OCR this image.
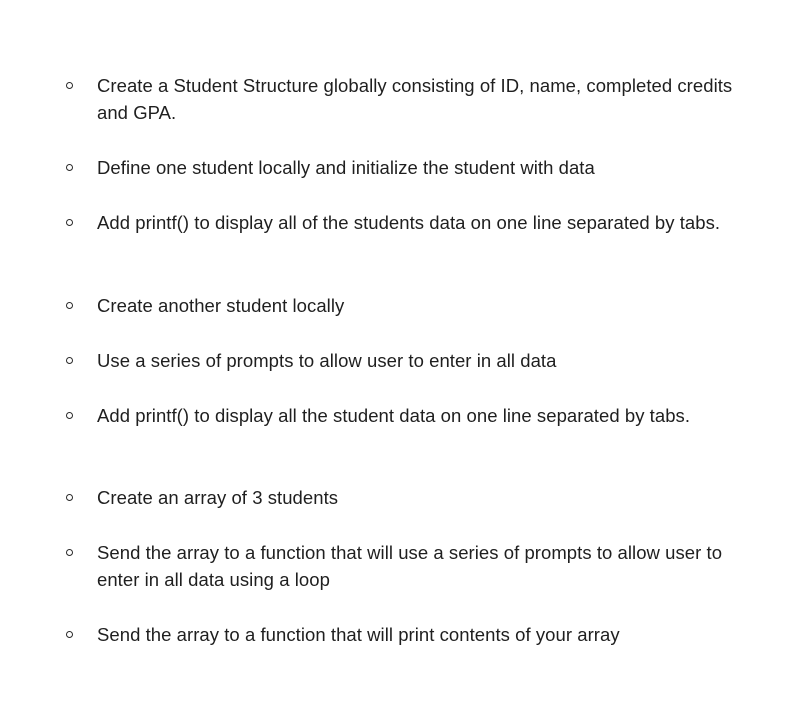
Create a Student Structure globally consisting of ID, name, completed credits and GPA.
Define one student locally and initialize the student with data
Add printf() to display all of the students data on one line separated by tabs.
Create another student locally
Use a series of prompts to allow user to enter in all data
Add printf() to display all the student data on one line separated by tabs.
Create an array of 3 students
Send the array to a function that will use a series of prompts to allow user to enter in all data using a loop
Send the array to a function that will print contents of your array
